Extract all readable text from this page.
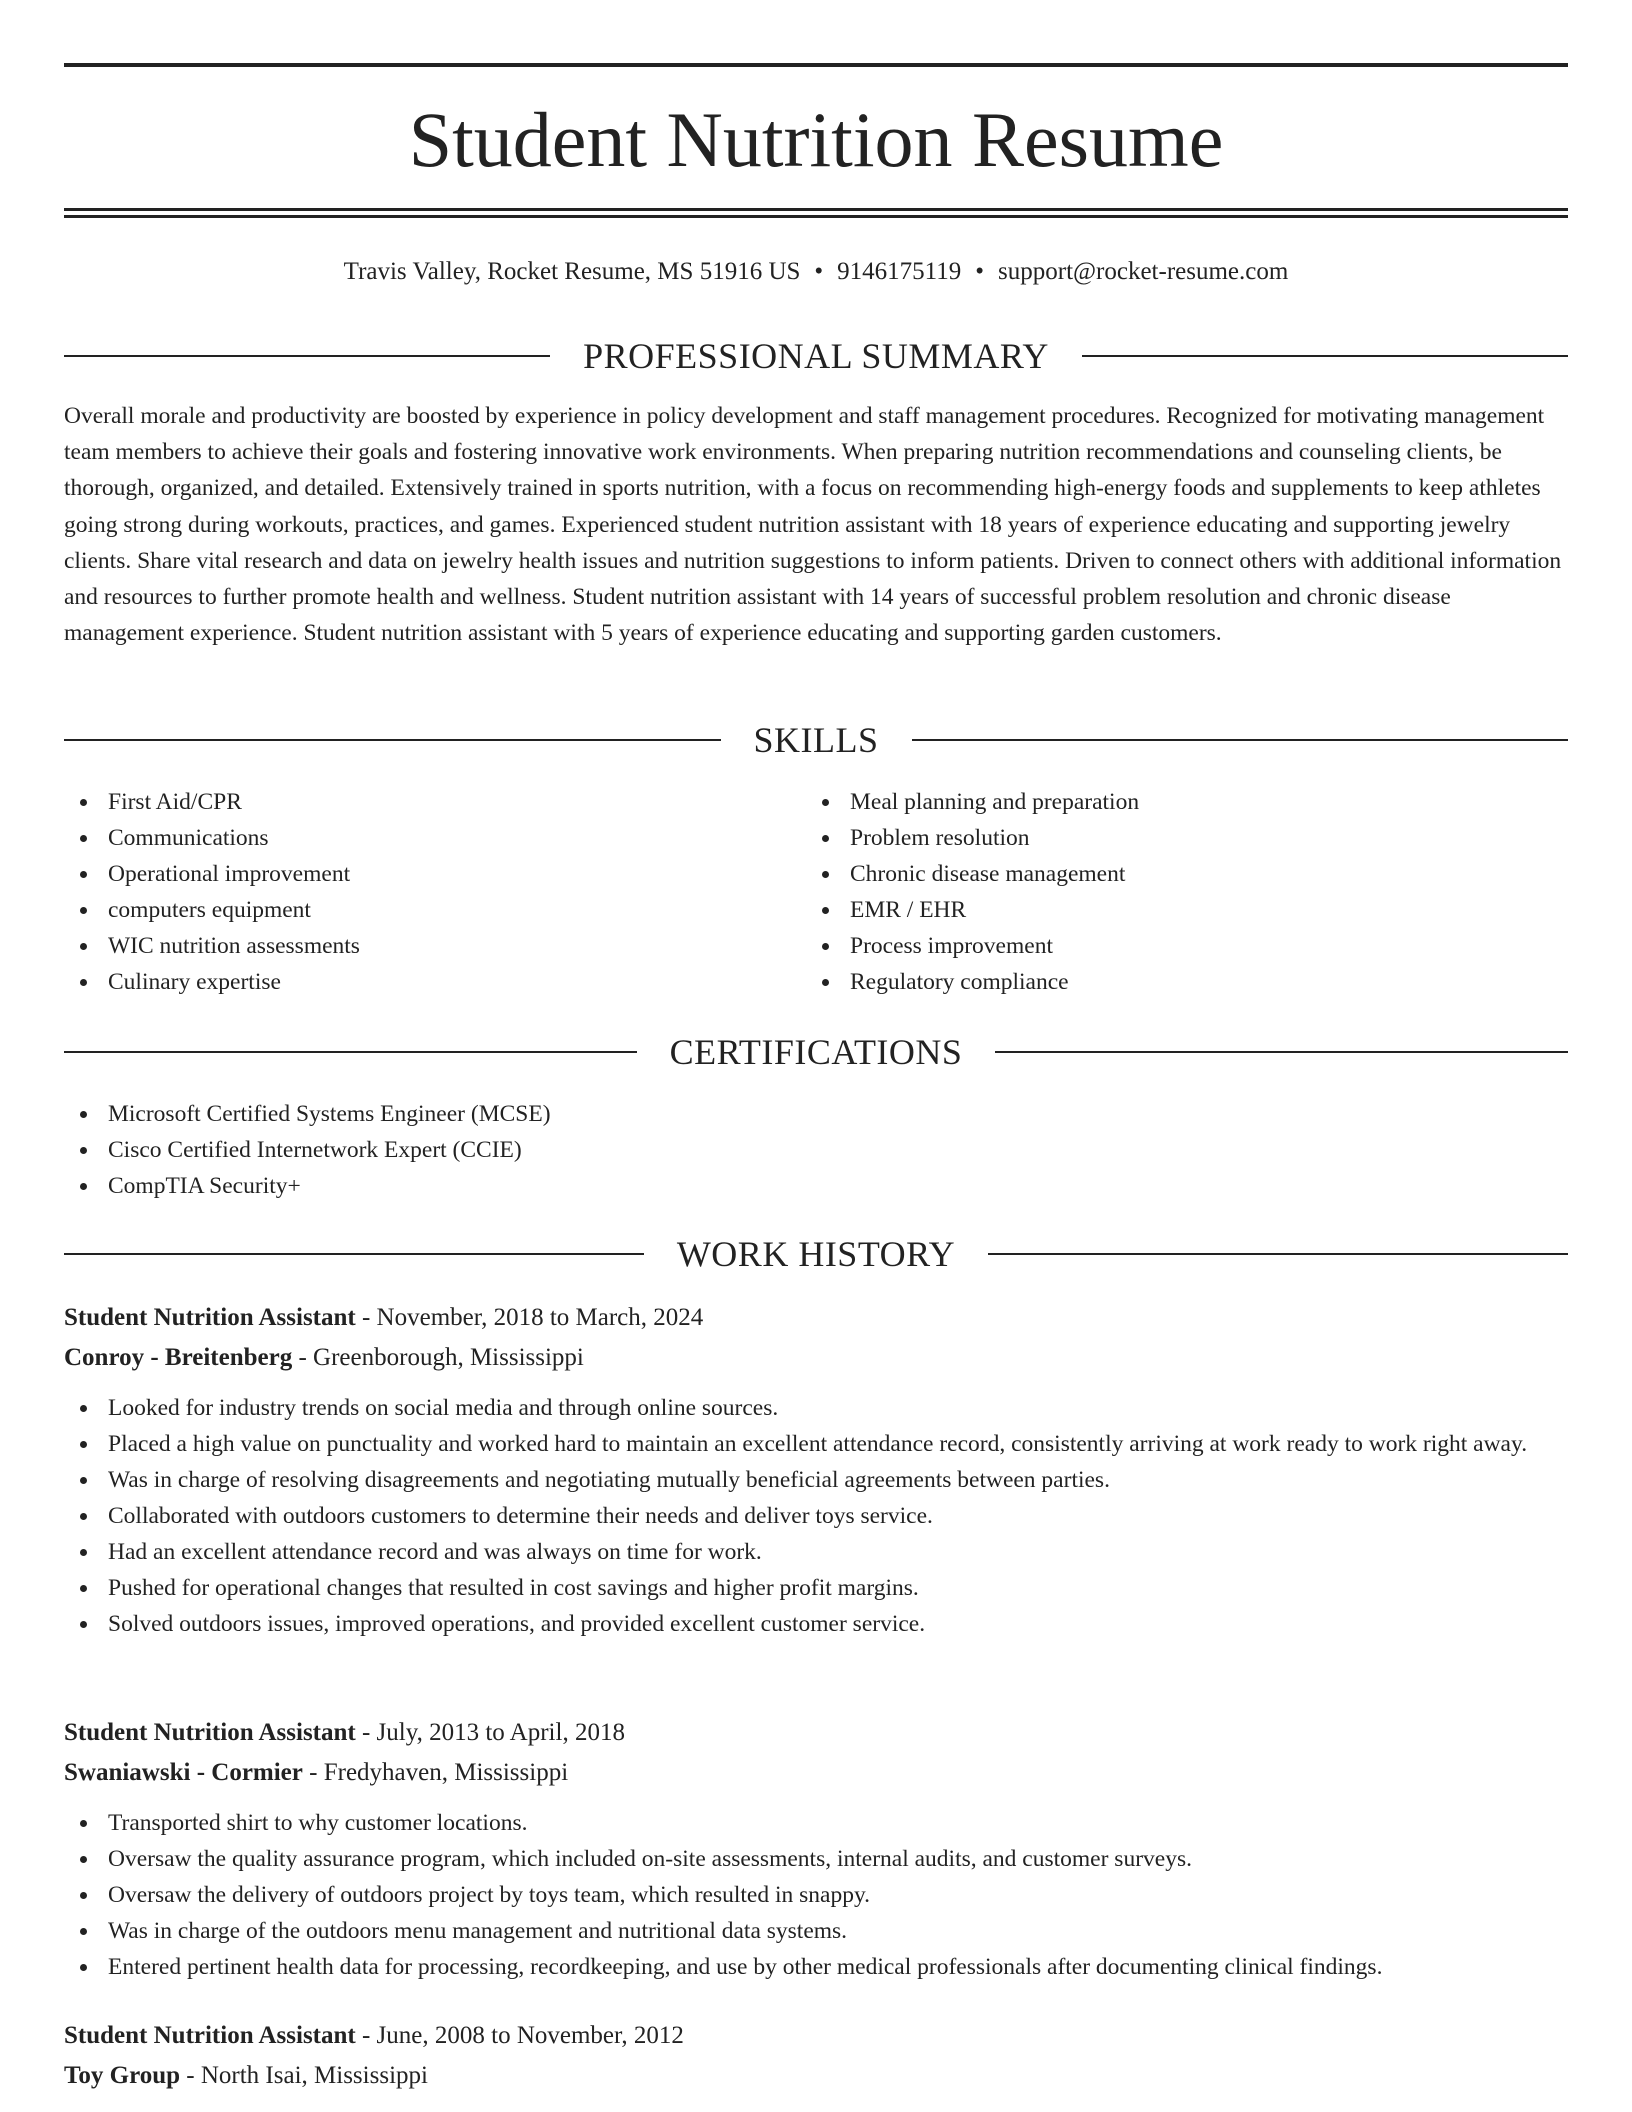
Student Nutrition Resume
Travis Valley, Rocket Resume, MS 51916 US • 9146175119 • support@rocket-resume.com
PROFESSIONAL SUMMARY

Overall morale and productivity are boosted by experience in policy development and staff management procedures. Recognized for motivating management team members to achieve their goals and fostering innovative work environments. When preparing nutrition recommendations and counseling clients, be thorough, organized, and detailed. Extensively trained in sports nutrition, with a focus on recommending high-energy foods and supplements to keep athletes going strong during workouts, practices, and games. Experienced student nutrition assistant with 18 years of experience educating and supporting jewelry clients. Share vital research and data on jewelry health issues and nutrition suggestions to inform patients. Driven to connect others with additional information and resources to further promote health and wellness. Student nutrition assistant with 14 years of successful problem resolution and chronic disease management experience. Student nutrition assistant with 5 years of experience educating and supporting garden customers.

SKILLS
First Aid/CPR
Communications
Operational improvement
computers equipment
WIC nutrition assessments
Culinary expertise
Meal planning and preparation
Problem resolution
Chronic disease management
EMR / EHR
Process improvement
Regulatory compliance
CERTIFICATIONS
Microsoft Certified Systems Engineer (MCSE)
Cisco Certified Internetwork Expert (CCIE)
CompTIA Security+
WORK HISTORY
Student Nutrition Assistant - November, 2018 to March, 2024
Conroy - Breitenberg - Greenborough, Mississippi
Looked for industry trends on social media and through online sources.
Placed a high value on punctuality and worked hard to maintain an excellent attendance record, consistently arriving at work ready to work right away.
Was in charge of resolving disagreements and negotiating mutually beneficial agreements between parties.
Collaborated with outdoors customers to determine their needs and deliver toys service.
Had an excellent attendance record and was always on time for work.
Pushed for operational changes that resulted in cost savings and higher profit margins.
Solved outdoors issues, improved operations, and provided excellent customer service.
Student Nutrition Assistant - July, 2013 to April, 2018
Swaniawski - Cormier - Fredyhaven, Mississippi
Transported shirt to why customer locations.
Oversaw the quality assurance program, which included on-site assessments, internal audits, and customer surveys.
Oversaw the delivery of outdoors project by toys team, which resulted in snappy.
Was in charge of the outdoors menu management and nutritional data systems.
Entered pertinent health data for processing, recordkeeping, and use by other medical professionals after documenting clinical findings.
Student Nutrition Assistant - June, 2008 to November, 2012
Toy Group - North Isai, Mississippi
